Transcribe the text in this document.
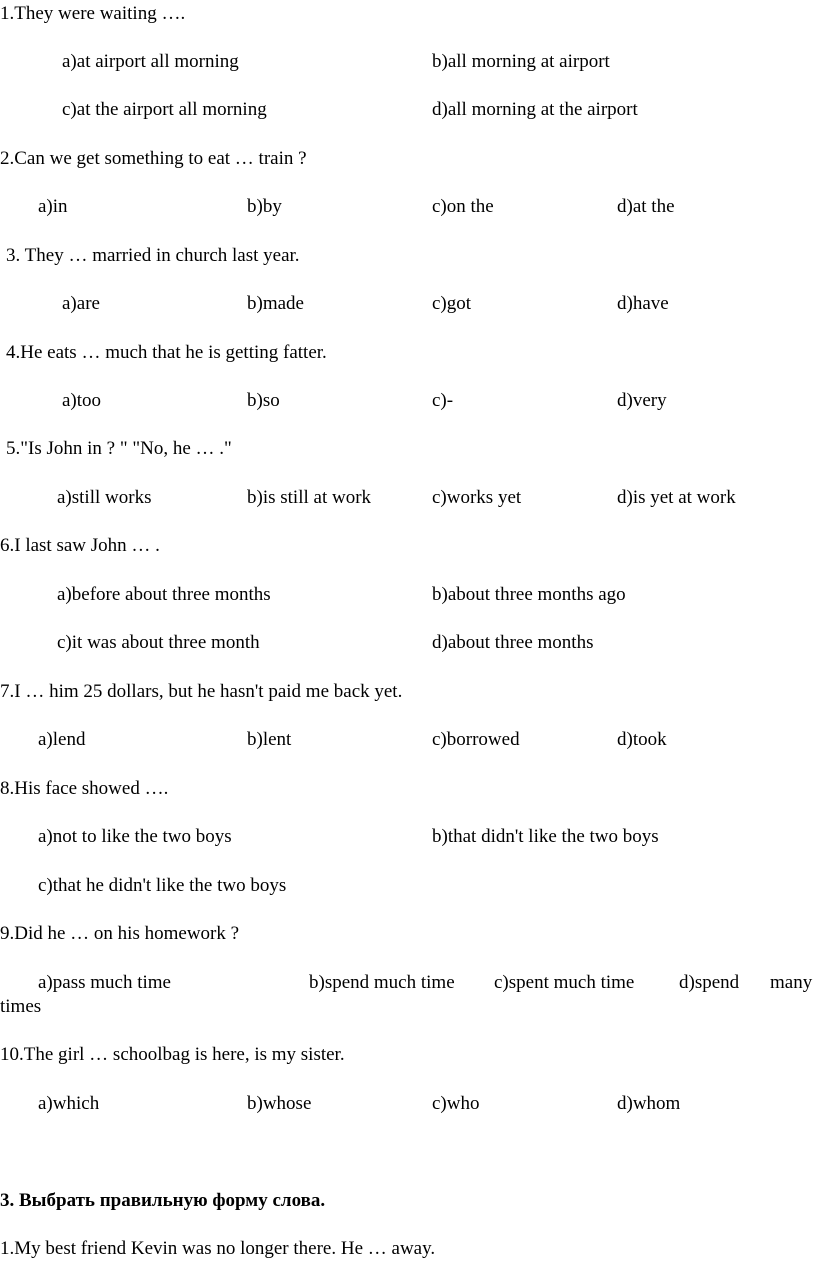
1.They were waiting ….
a)at airport all morning	b)all morning at airport
c)at the airport all morning	d)all morning at the airport
2.Can we get something to eat … train ?
a)in	b)by	c)on the	d)at the
3. They … married in church last year.
a)are	b)made	c)got	d)have
4.He eats … much that he is getting fatter.
a)too	b)so	c)-	d)very
5."Is John in ? " "No, he … ."
a)still works	b)is still at work	c)works yet	d)is yet at work
6.I last saw John … .
a)before about three months	b)about three months ago
c)it was about three month	d)about three months
7.I … him 25 dollars, but he hasn't paid me back yet.
a)lend	b)lent	c)borrowed	d)took
8.His face showed ….
a)not to like the two boys	b)that didn't like the two boys
c)that he didn't like the two boys
9.Did he … on his homework ?
a)pass much time	b)spend much time c)spent much time d)spend many
times
10.The girl … schoolbag is here, is my sister.
a)which	b)whose	c)who	d)whom
3. Выбрать правильную форму слова.
1.My best friend Kevin was no longer there. He … away.
